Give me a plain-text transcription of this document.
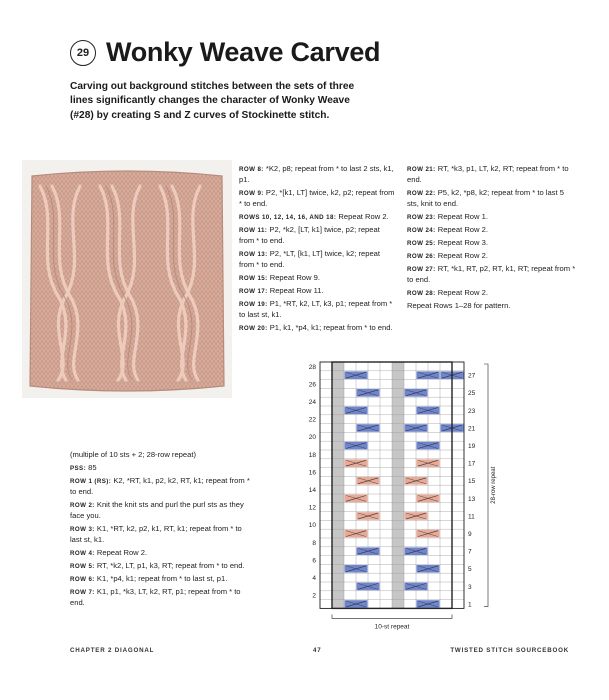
29 Wonky Weave Carved
Carving out background stitches between the sets of three lines significantly changes the character of Wonky Weave (#28) by creating S and Z curves of Stockinette stitch.

(multiple of 10 sts + 2; 28-row repeat)

PSS: 85

ROW 1 (RS): K2, *RT, k1, p2, k2, RT, k1; repeat from * to end.

ROW 2: Knit the knit sts and purl the purl sts as they face you.

ROW 3: K1, *RT, k2, p2, k1, RT, k1; repeat from * to last st, k1.

ROW 4: Repeat Row 2.

ROW 5: RT, *k2, LT, p1, k3, RT; repeat from * to end.

ROW 6: K1, *p4, k1; repeat from * to last st, p1.

ROW 7: K1, p1, *k3, LT, k2, RT, p1; repeat from * to end.

ROW 8: *K2, p8; repeat from * to last 2 sts, k1, p1.

ROW 9: P2, *[k1, LT] twice, k2, p2; repeat from * to end.

ROWS 10, 12, 14, 16, AND 18: Repeat Row 2.

ROW 11: P2, *k2, [LT, k1] twice, p2; repeat from * to end.

ROW 13: P2, *LT, [k1, LT] twice, k2; repeat from * to end.

ROW 15: Repeat Row 9.

ROW 17: Repeat Row 11.

ROW 19: P1, *RT, k2, LT, k3, p1; repeat from * to last st, k1.

ROW 20: P1, k1, *p4, k1; repeat from * to end.

ROW 21: RT, *k3, p1, LT, k2, RT; repeat from * to end.

ROW 22: P5, k2, *p8, k2; repeat from * to last 5 sts, knit to end.

ROW 23: Repeat Row 1.

ROW 24: Repeat Row 2.

ROW 25: Repeat Row 3.

ROW 26: Repeat Row 2.

ROW 27: RT, *k1, RT, p2, RT, k1, RT; repeat from * to end.

ROW 28: Repeat Row 2.

Repeat Rows 1–28 for pattern.

28
26
24
22
20
18
16
14
12
10
8
6
4
2
27
25
23
21
19
17
15
13
11
9
7
5
3
1
28-row repeat
10-st repeat
CHAPTER 2 DIAGONAL	47	TWISTED STITCH SOURCEBOOK
